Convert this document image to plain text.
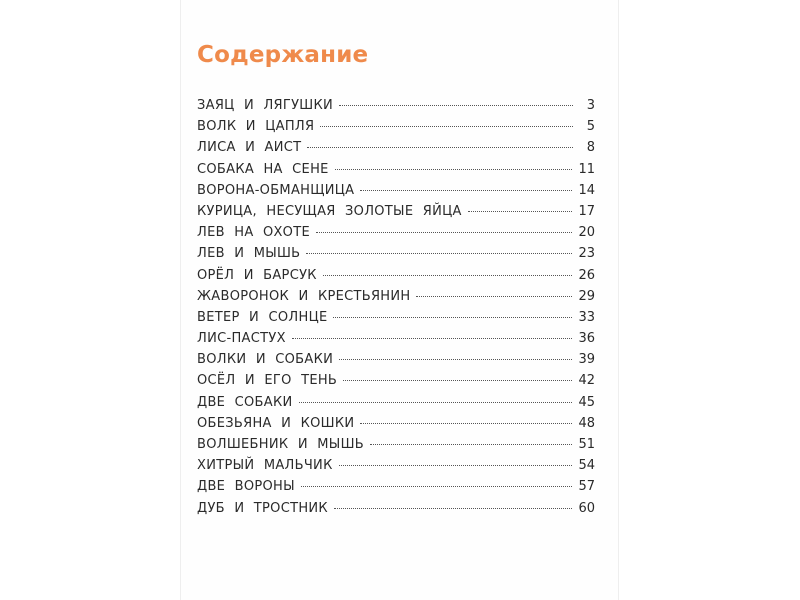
Содержание
ЗАЯЦ И ЛЯГУШКИ	3
ВОЛК И ЦАПЛЯ	5
ЛИСА И АИСТ	8
СОБАКА НА СЕНЕ	11
ВОРОНА-ОБМАНЩИЦА	14
КУРИЦА, НЕСУЩАЯ ЗОЛОТЫЕ ЯЙЦА	17
ЛЕВ НА ОХОТЕ	20
ЛЕВ И МЫШЬ	23
ОРЁЛ И БАРСУК	26
ЖАВОРОНОК И КРЕСТЬЯНИН	29
ВЕТЕР И СОЛНЦЕ	33
ЛИС-ПАСТУХ	36
ВОЛКИ И СОБАКИ	39
ОСЁЛ И ЕГО ТЕНЬ	42
ДВЕ СОБАКИ	45
ОБЕЗЬЯНА И КОШКИ	48
ВОЛШЕБНИК И МЫШЬ	51
ХИТРЫЙ МАЛЬЧИК	54
ДВЕ ВОРОНЫ	57
ДУБ И ТРОСТНИК	60
